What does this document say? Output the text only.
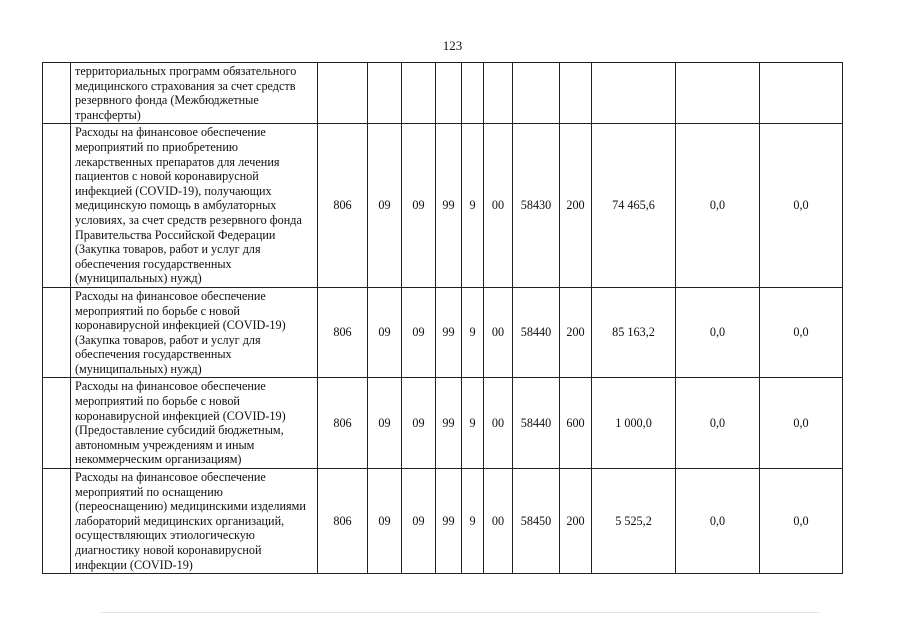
123
	территориальных программ обязательного медицинского страхования за счет средств резервного фонда (Межбюджетные трансферты)											
	Расходы на финансовое обеспечение мероприятий по приобретению лекарственных препаратов для лечения пациентов с новой коронавирусной инфекцией (COVID-19), получающих медицинскую помощь в амбулаторных условиях, за счет средств резервного фонда Правительства Российской Федерации (Закупка товаров, работ и услуг для обеспечения государственных (муниципальных) нужд)	806	09	09	99	9	00	58430	200	74 465,6	0,0	0,0
	Расходы на финансовое обеспечение мероприятий по борьбе с новой коронавирусной инфекцией (COVID-19) (Закупка товаров, работ и услуг для обеспечения государственных (муниципальных) нужд)	806	09	09	99	9	00	58440	200	85 163,2	0,0	0,0
	Расходы на финансовое обеспечение мероприятий по борьбе с новой коронавирусной инфекцией (COVID-19) (Предоставление субсидий бюджетным, автономным учреждениям и иным некоммерческим организациям)	806	09	09	99	9	00	58440	600	1 000,0	0,0	0,0
	Расходы на финансовое обеспечение мероприятий по оснащению (переоснащению) медицинскими изделиями лабораторий медицинских организаций, осуществляющих этиологическую диагностику новой коронавирусной инфекции (COVID-19)	806	09	09	99	9	00	58450	200	5 525,2	0,0	0,0
